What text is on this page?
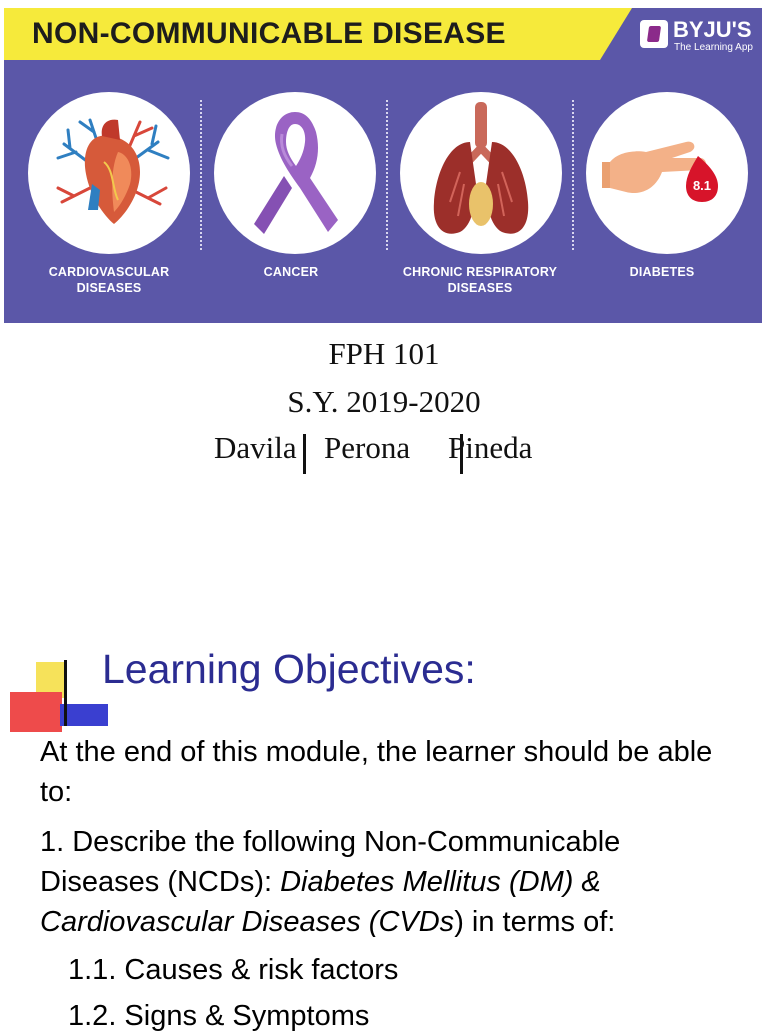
NON-COMMUNICABLE DISEASE	BYJU'S
The Learning App
8.1
CARDIOVASCULAR
DISEASES
CANCER	CHRONIC RESPIRATORY
DISEASES
DIABETES
FPH 101
S.Y. 2019-2020
Davila Perona Pineda
Learning Objectives:
At the end of this module, the learner should be able to:
1. Describe the following Non-Communicable Diseases (NCDs): Diabetes Mellitus (DM) & Cardiovascular Diseases (CVDs) in terms of:
1.1. Causes & risk factors
1.2. Signs & Symptoms
